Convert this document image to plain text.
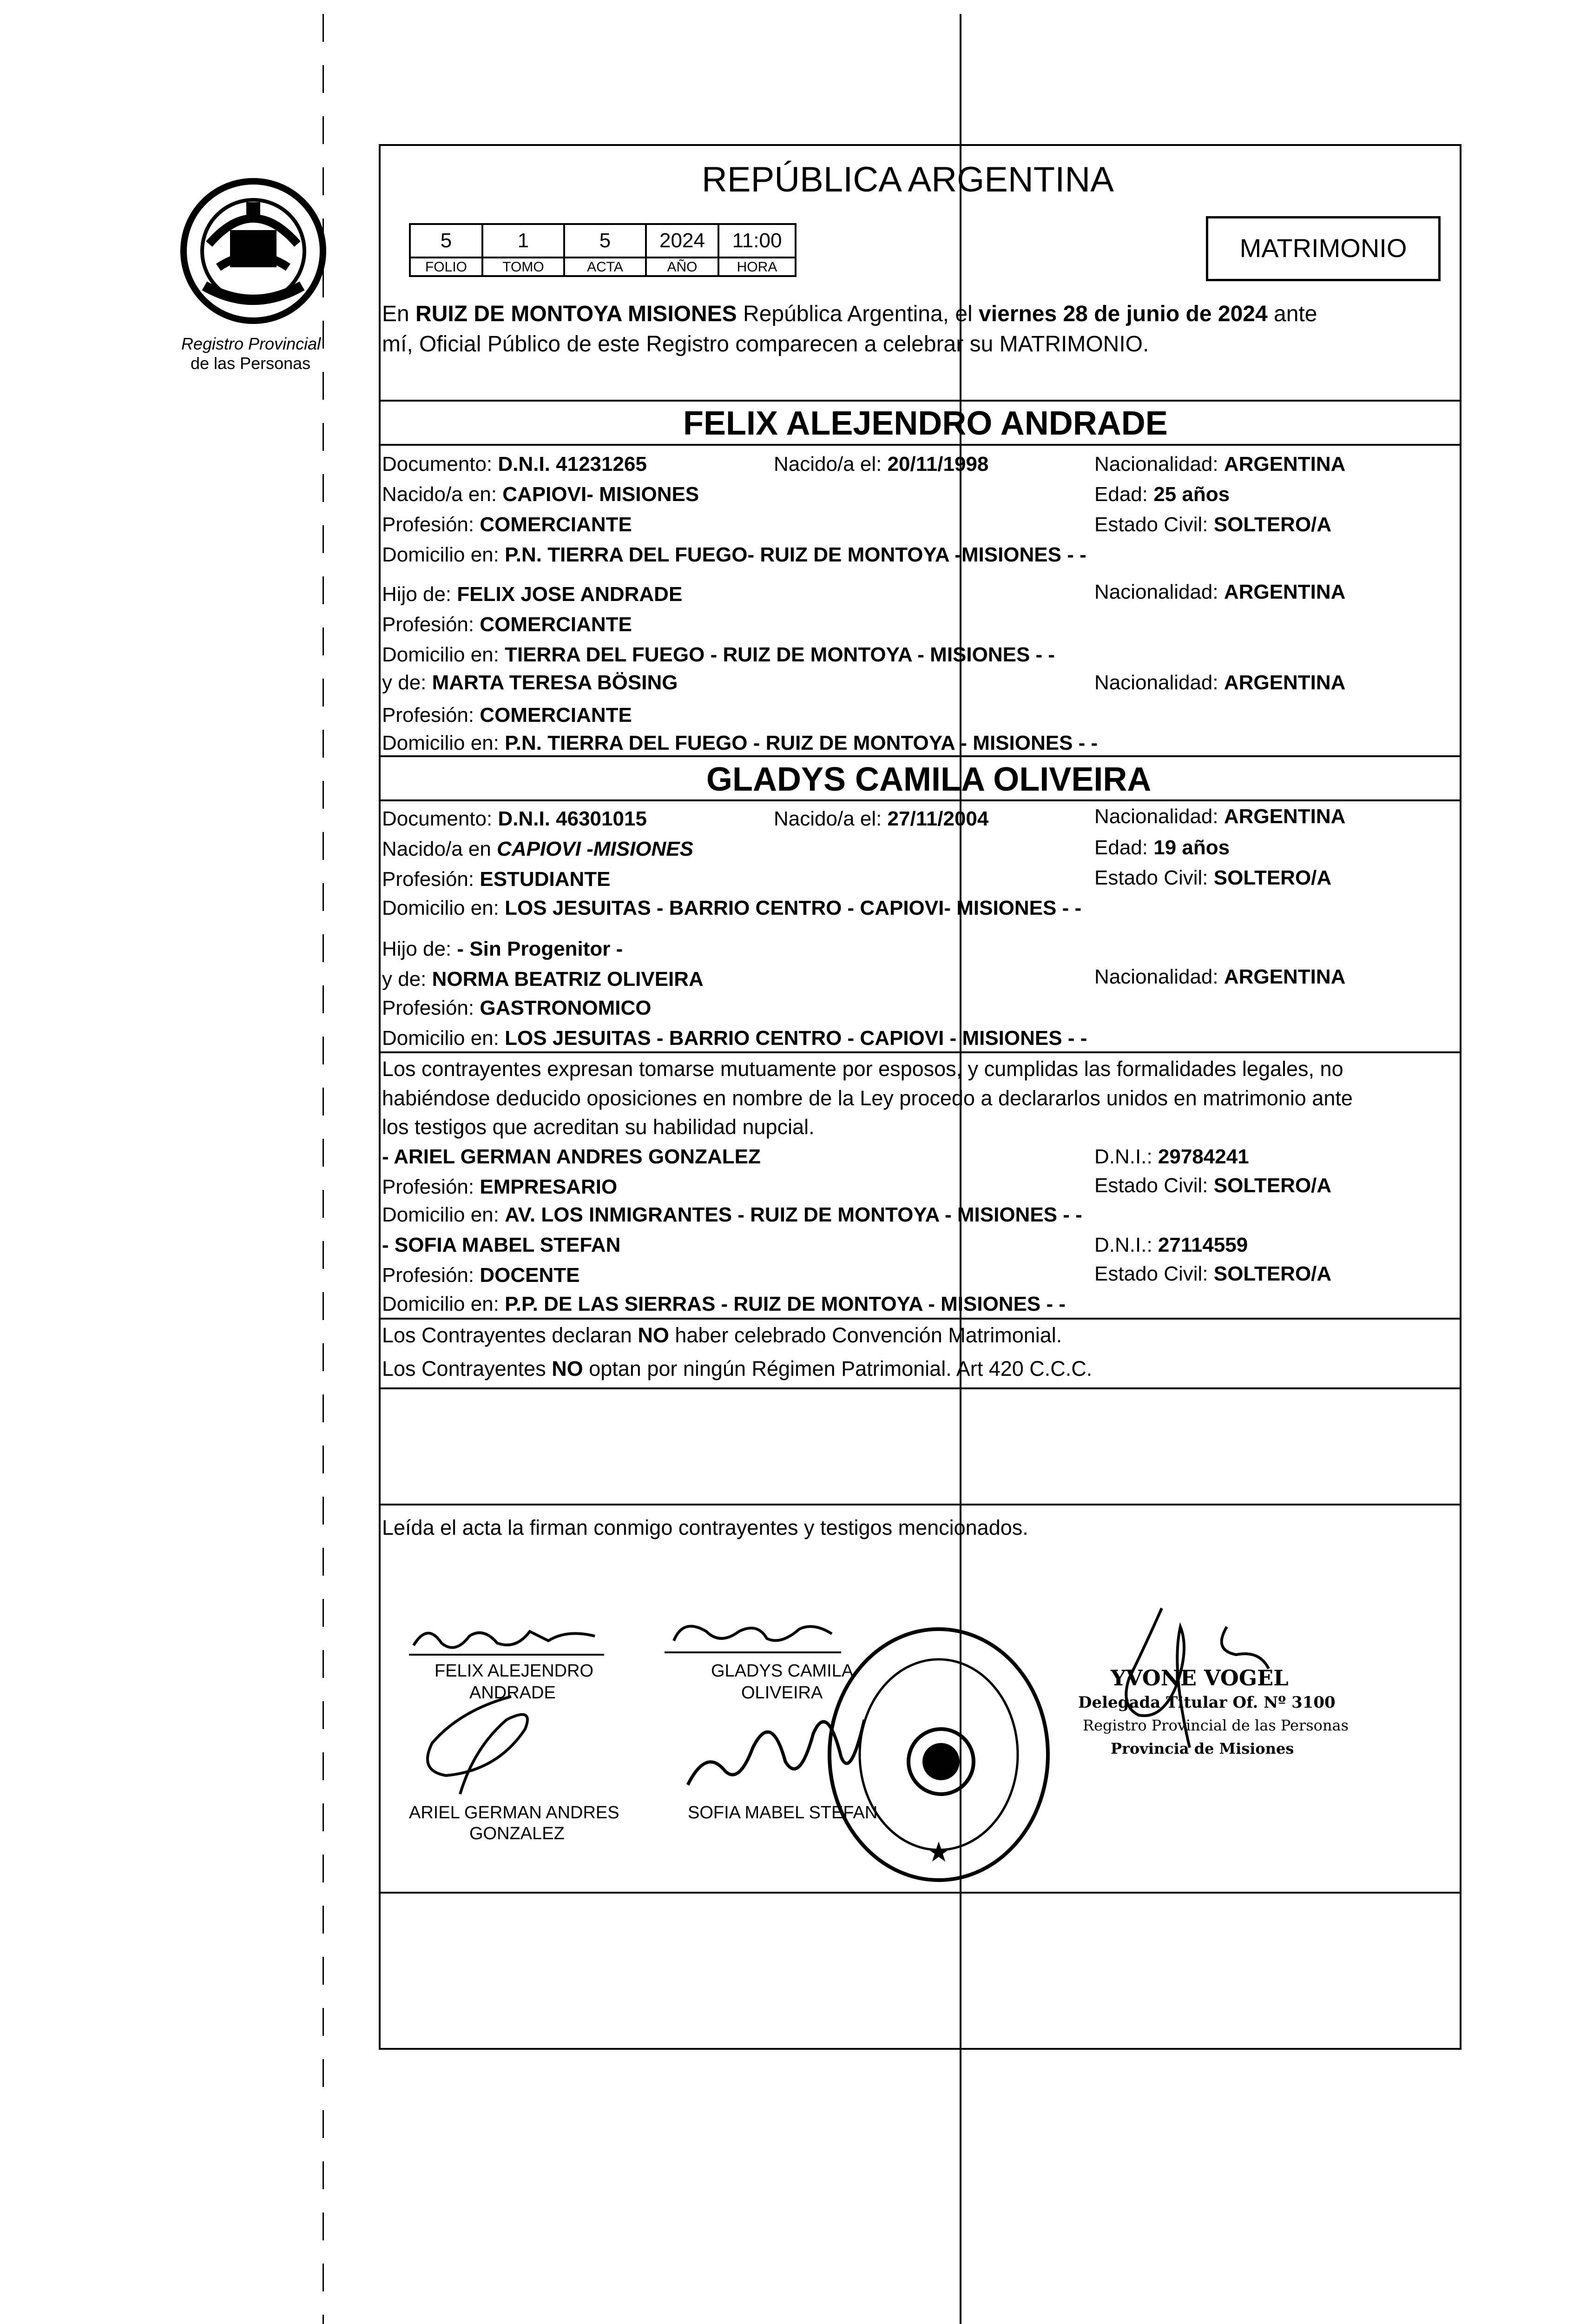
Registro Provincial
de las Personas
REPÚBLICA ARGENTINA
5	1	5	2024	11:00
FOLIO	TOMO	ACTA	AÑO	HORA
MATRIMONIO
En RUIZ DE MONTOYA MISIONES República Argentina, el viernes 28 de junio de 2024 ante
mí, Oficial Público de este Registro comparecen a celebrar su MATRIMONIO.
FELIX ALEJENDRO ANDRADE
Documento: D.N.I. 41231265	Nacido/a el: 20/11/1998	Nacionalidad: ARGENTINA
Nacido/a en: CAPIOVI- MISIONES	Edad: 25 años
Profesión: COMERCIANTE	Estado Civil: SOLTERO/A
Domicilio en: P.N. TIERRA DEL FUEGO- RUIZ DE MONTOYA -MISIONES - -
Hijo de: FELIX JOSE ANDRADE	Nacionalidad: ARGENTINA
Profesión: COMERCIANTE
Domicilio en: TIERRA DEL FUEGO - RUIZ DE MONTOYA - MISIONES - -
y de: MARTA TERESA BÖSING	Nacionalidad: ARGENTINA
Profesión: COMERCIANTE
Domicilio en: P.N. TIERRA DEL FUEGO - RUIZ DE MONTOYA - MISIONES - -
GLADYS CAMILA OLIVEIRA
Documento: D.N.I. 46301015	Nacido/a el: 27/11/2004	Nacionalidad: ARGENTINA
Nacido/a en CAPIOVI -MISIONES	Edad: 19 años
Profesión: ESTUDIANTE	Estado Civil: SOLTERO/A
Domicilio en: LOS JESUITAS - BARRIO CENTRO - CAPIOVI- MISIONES - -
Hijo de: - Sin Progenitor -
y de: NORMA BEATRIZ OLIVEIRA	Nacionalidad: ARGENTINA
Profesión: GASTRONOMICO
Domicilio en: LOS JESUITAS - BARRIO CENTRO - CAPIOVI - MISIONES - -
Los contrayentes expresan tomarse mutuamente por esposos, y cumplidas las formalidades legales, no
habiéndose deducido oposiciones en nombre de la Ley procedo a declararlos unidos en matrimonio ante
los testigos que acreditan su habilidad nupcial.
- ARIEL GERMAN ANDRES GONZALEZ	D.N.I.: 29784241
Profesión: EMPRESARIO	Estado Civil: SOLTERO/A
Domicilio en: AV. LOS INMIGRANTES - RUIZ DE MONTOYA - MISIONES - -
- SOFIA MABEL STEFAN	D.N.I.: 27114559
Profesión: DOCENTE	Estado Civil: SOLTERO/A
Domicilio en: P.P. DE LAS SIERRAS - RUIZ DE MONTOYA - MISIONES - -
Los Contrayentes declaran NO haber celebrado Convención Matrimonial.
Los Contrayentes NO optan por ningún Régimen Patrimonial. Art 420 C.C.C.
Leída el acta la firman conmigo contrayentes y testigos mencionados.
FELIX ALEJENDRO
ANDRADE
ARIEL GERMAN ANDRES
GONZALEZ
GLADYS CAMILA
OLIVEIRA
SOFIA MABEL STEFAN
★
YVONE VOGEL
Delegada Titular Of. Nº 3100
Registro Provincial de las Personas
Provincia de Misiones
